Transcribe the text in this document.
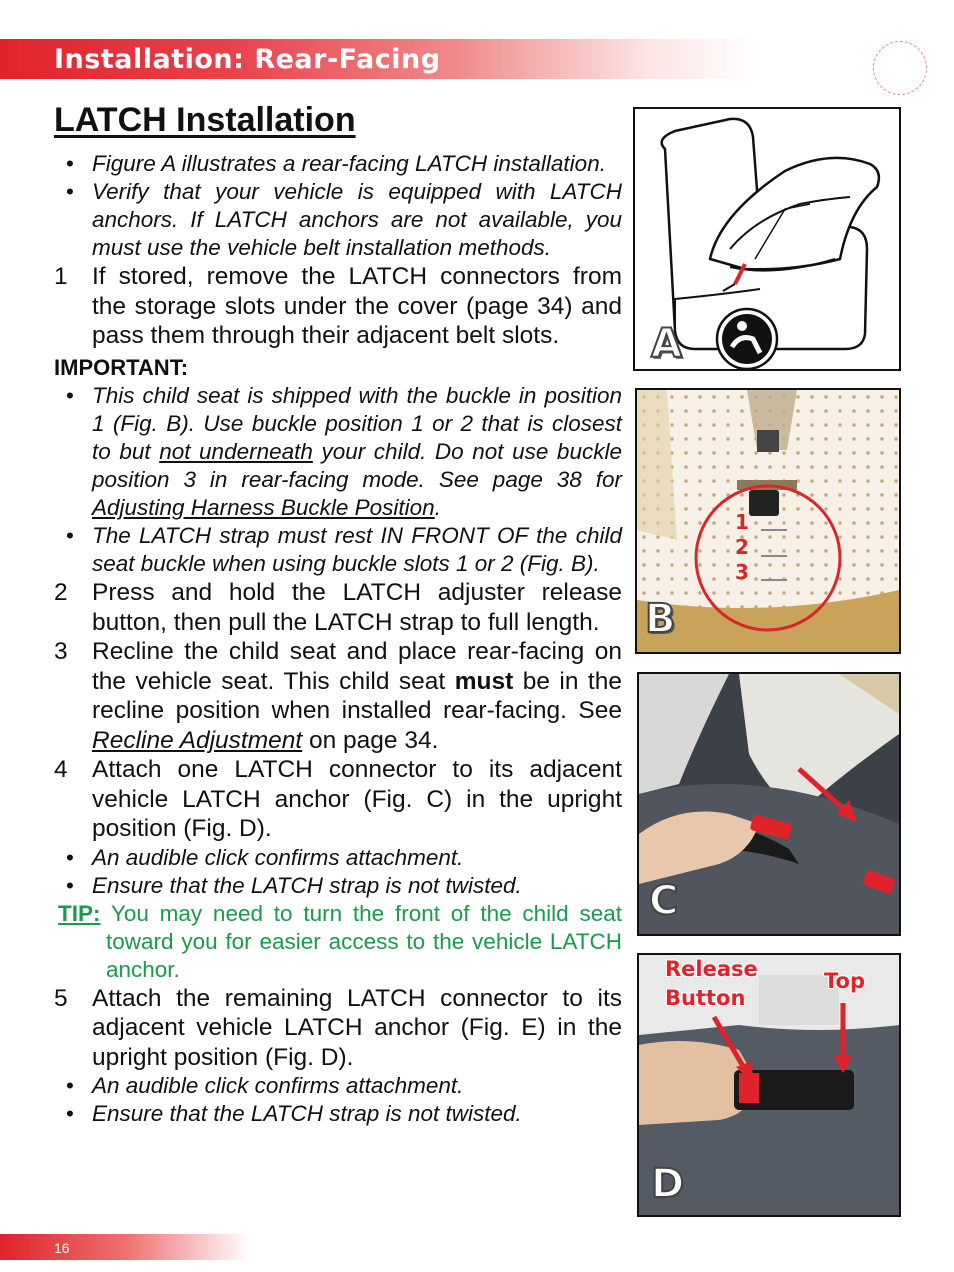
Installation: Rear-Facing
LATCH Installation
• Figure A illustrates a rear-facing LATCH installation.
• Verify that your vehicle is equipped with LATCH anchors. If LATCH anchors are not available, you must use the vehicle belt installation methods.
1 If stored, remove the LATCH connectors from the storage slots under the cover (page 34) and pass them through their adjacent belt slots.
IMPORTANT:
• This child seat is shipped with the buckle in position 1 (Fig. B). Use buckle position 1 or 2 that is closest to but not underneath your child. Do not use buckle position 3 in rear-facing mode. See page 38 for Adjusting Harness Buckle Position.
• The LATCH strap must rest IN FRONT OF the child seat buckle when using buckle slots 1 or 2 (Fig. B).
2 Press and hold the LATCH adjuster release button, then pull the LATCH strap to full length.
3 Recline the child seat and place rear-facing on the vehicle seat. This child seat must be in the recline position when installed rear-facing. See Recline Adjustment on page 34.
4 Attach one LATCH connector to its adjacent vehicle LATCH anchor (Fig. C) in the upright position (Fig. D).
• An audible click confirms attachment.
• Ensure that the LATCH strap is not twisted.
TIP: You may need to turn the front of the child seat toward you for easier access to the vehicle LATCH anchor.
5 Attach the remaining LATCH connector to its adjacent vehicle LATCH anchor (Fig. E) in the upright position (Fig. D).
• An audible click confirms attachment.
• Ensure that the LATCH strap is not twisted.
A
1
2
3
B
C
Release
Button
Top
D
16
